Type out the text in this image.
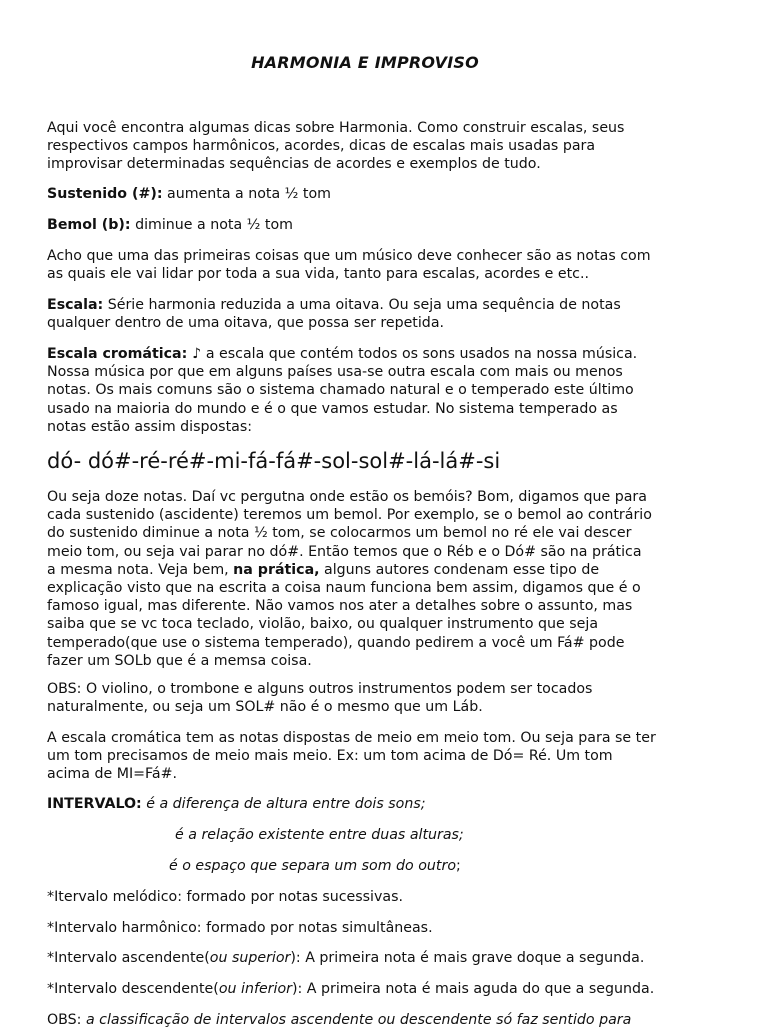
HARMONIA E IMPROVISO

Aqui você encontra algumas dicas sobre Harmonia. Como construir escalas, seus
respectivos campos harmônicos, acordes, dicas de escalas mais usadas para
improvisar determinadas sequências de acordes e exemplos de tudo.

Sustenido (#): aumenta a nota ½ tom

Bemol (b): diminue a nota ½ tom

Acho que uma das primeiras coisas que um músico deve conhecer são as notas com
as quais ele vai lidar por toda a sua vida, tanto para escalas, acordes e etc..

Escala: Série harmonia reduzida a uma oitava. Ou seja uma sequência de notas
qualquer dentro de uma oitava, que possa ser repetida.

Escala cromática: ♪ a escala que contém todos os sons usados na nossa música.
Nossa música por que em alguns países usa-se outra escala com mais ou menos
notas. Os mais comuns são o sistema chamado natural e o temperado este último
usado na maioria do mundo e é o que vamos estudar. No sistema temperado as
notas estão assim dispostas:

dó- dó#-ré-ré#-mi-fá-fá#-sol-sol#-lá-lá#-si

Ou seja doze notas. Daí vc pergutna onde estão os bemóis? Bom, digamos que para
cada sustenido (ascidente) teremos um bemol. Por exemplo, se o bemol ao contrário
do sustenido diminue a nota ½ tom, se colocarmos um bemol no ré ele vai descer
meio tom, ou seja vai parar no dó#. Então temos que o Réb e o Dó# são na prática
a mesma nota. Veja bem, na prática, alguns autores condenam esse tipo de
explicação visto que na escrita a coisa naum funciona bem assim, digamos que é o
famoso igual, mas diferente. Não vamos nos ater a detalhes sobre o assunto, mas
saiba que se vc toca teclado, violão, baixo, ou qualquer instrumento que seja
temperado(que use o sistema temperado), quando pedirem a você um Fá# pode
fazer um SOLb que é a memsa coisa.

OBS: O violino, o trombone e alguns outros instrumentos podem ser tocados
naturalmente, ou seja um SOL# não é o mesmo que um Láb.

A escala cromática tem as notas dispostas de meio em meio tom. Ou seja para se ter
um tom precisamos de meio mais meio. Ex: um tom acima de Dó= Ré. Um tom
acima de MI=Fá#.

INTERVALO: é a diferença de altura entre dois sons;

é a relação existente entre duas alturas;

é o espaço que separa um som do outro;

*Itervalo melódico: formado por notas sucessivas.

*Intervalo harmônico: formado por notas simultâneas.

*Intervalo ascendente(ou superior): A primeira nota é mais grave doque a segunda.

*Intervalo descendente(ou inferior): A primeira nota é mais aguda do que a segunda.

OBS: a classificação de intervalos ascendente ou descendente só faz sentido para
